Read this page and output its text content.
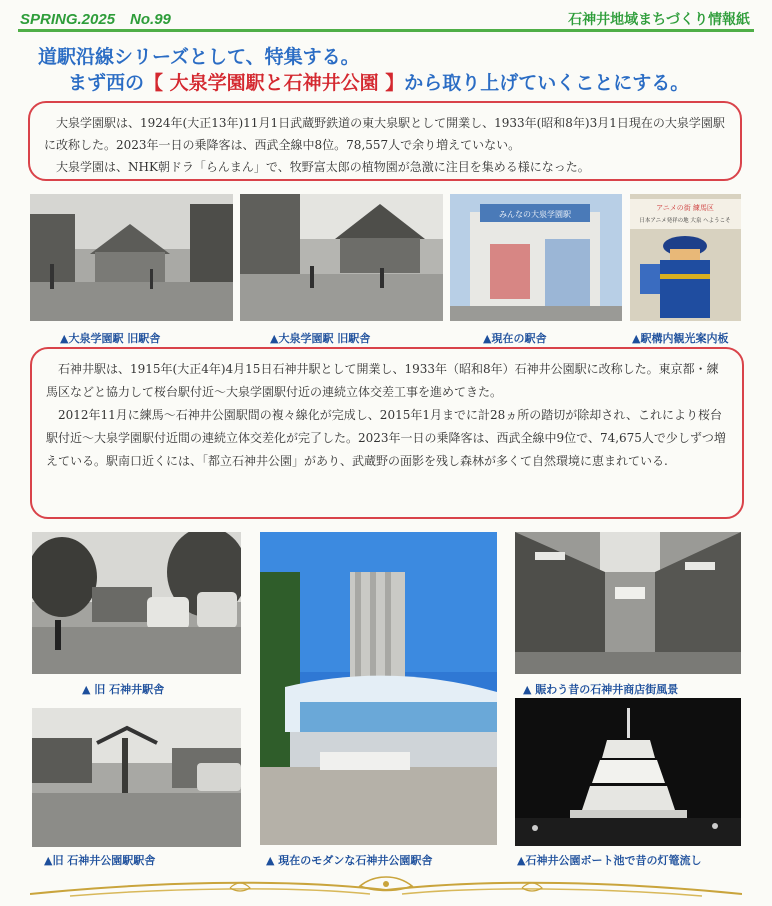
SPRING.2025　No.99	石神井地域まちづくり情報紙
道駅沿線シリーズとして、特集する。
まず西の【 大泉学園駅と石神井公園 】から取り上げていくことにする。

大泉学園駅は、1924年(大正13年)11月1日武蔵野鉄道の東大泉駅として開業し、1933年(昭和8年)3月1日現在の大泉学園駅に改称した。2023年一日の乗降客は、西武全線中8位。78,557人で余り増えていない。

大泉学園は、NHK朝ドラ「らんまん」で、牧野富太郎の植物園が急激に注目を集める様になった。

みんなの大泉学園駅
アニメの街 練馬区
日本アニメ発祥の地 大泉 へようこそ
▲大泉学園駅 旧駅舎	▲大泉学園駅 旧駅舎	▲現在の駅舎	▲駅構内観光案内板

石神井駅は、1915年(大正4年)4月15日石神井駅として開業し、1933年（昭和8年）石神井公園駅に改称した。東京都・練馬区などと協力して桜台駅付近～大泉学園駅付近の連続立体交差工事を進めてきた。

2012年11月に練馬～石神井公園駅間の複々線化が完成し、2015年1月までに計28ヵ所の踏切が除却され、これにより桜台駅付近～大泉学園駅付近間の連続立体交差化が完了した。2023年一日の乗降客は、西武全線中9位で、74,675人で少しずつ増えている。駅南口近くには、「都立石神井公園」があり、武蔵野の面影を残し森林が多くて自然環境に恵まれている.

▲ 旧 石神井駅舎	▲ 賑わう昔の石神井商店街風景
▲旧 石神井公園駅駅舎	▲ 現在のモダンな石神井公園駅舎	▲石神井公園ボート池で昔の灯篭流し
